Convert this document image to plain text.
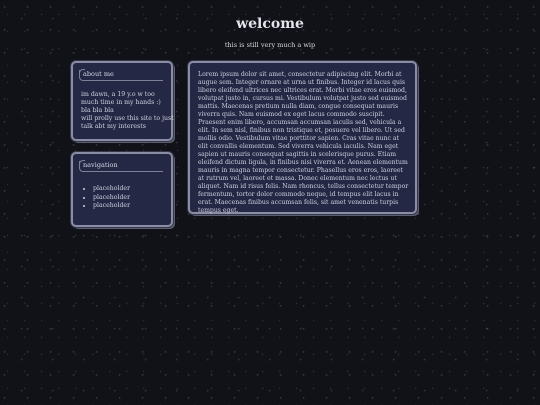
welcome

this is still very much a wip

about me
im dawn, a 19 y.o w too
much time in my hands :)
bla bla bla
will prolly use this site to just
talk abt my interests
navigation
• placeholder
• placeholder
• placeholder

Lorem ipsum dolor sit amet, consectetur adipiscing elit. Morbi at augue sem. Integer ornare at urna ut finibus. Integer id lacus quis libero eleifend ultrices nec ultrices erat. Morbi vitae eros euismod, volutpat justo in, cursus mi. Vestibulum volutpat justo sed euismod mattis. Maecenas pretium nulla diam, congue consequat mauris viverra quis. Nam euismod ex eget lacus commodo suscipit. Praesent enim libero, accumsan accumsan iaculis sed, vehicula a elit. In sem nisl, finibus non tristique et, posuere vel libero. Ut sed mollis odio. Vestibulum vitae porttitor sapien. Cras vitae nunc at elit convallis elementum. Sed viverra vehicula iaculis. Nam eget sapien ut mauris consequat sagittis in scelerisque purus. Etiam eleifend dictum ligula, in finibus nisi viverra et. Aenean elementum mauris in magna tempor consectetur. Phasellus eros eros, laoreet at rutrum vel, laoreet et massa. Donec elementum nec lectus ut aliquet. Nam id risus felis. Nam rhoncus, tellus consectetur tempor fermentum, tortor dolor commodo neque, id tempus elit lacus in erat. Maecenas finibus accumsan felis, sit amet venenatis turpis tempus eget.
